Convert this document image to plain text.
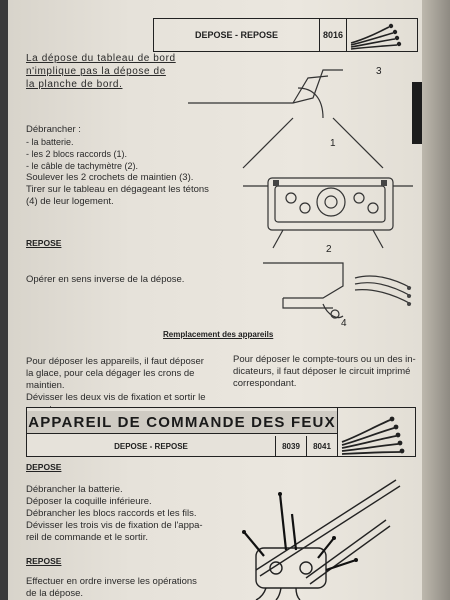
DEPOSE - REPOSE	8016
La dépose du tableau de bord
n'implique pas la dépose de
la planche de bord.
Débrancher :
- la batterie.
- les 2 blocs raccords (1).
- le câble de tachymètre (2).
Soulever les 2 crochets de maintien (3).
Tirer sur le tableau en dégageant les tétons
(4) de leur logement.
3
1
2
4
REPOSE
Opérer en sens inverse de la dépose.
Remplacement des appareils
Pour déposer les appareils, il faut déposer
la glace, pour cela dégager les crons de
maintien.
Dévisser les deux vis de fixation et sortir le
Pour déposer le compte-tours ou un des in-
dicateurs, il faut déposer le circuit imprimé
correspondant.
APPAREIL DE COMMANDE DES FEUX
DEPOSE - REPOSE	8039	8041
DEPOSE
Débrancher la batterie.
Déposer la coquille inférieure.
Débrancher les blocs raccords et les fils.
Dévisser les trois vis de fixation de l'appa-
reil de commande et le sortir.
REPOSE
Effectuer en ordre inverse les opérations
de la dépose.
